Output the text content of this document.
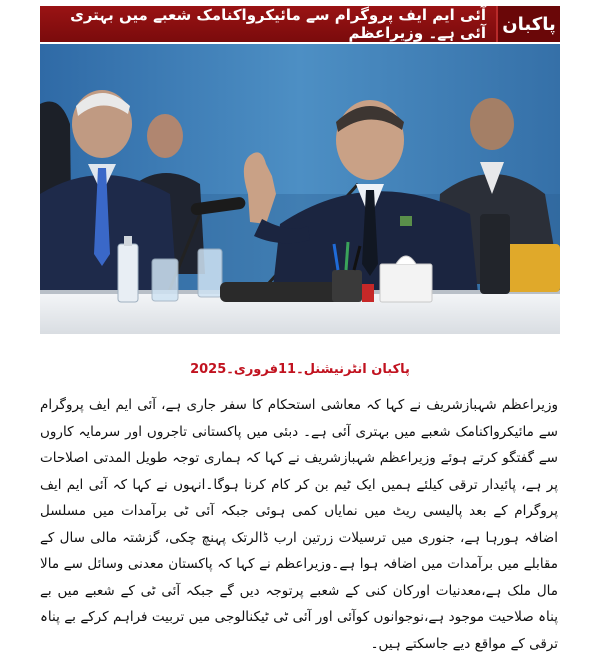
آئی ایم ایف پروگرام سے مائیکرواکنامک شعبے میں بہتری آئی ہے۔ وزیراعظم پاکبان
پاکبان انٹرنیشنل۔11فروری۔2025

وزیراعظم شہبازشریف نے کہا کہ معاشی استحکام کا سفر جاری ہے، آئی ایم ایف پروگرام سے مائیکرواکنامک شعبے میں بہتری آئی ہے۔ دبئی میں پاکستانی تاجروں اور سرمایہ کاروں سے گفتگو کرتے ہوئے وزیراعظم شہبازشریف نے کہا کہ ہماری توجہ طویل المدتی اصلاحات پر ہے، پائیدار ترقی کیلئے ہمیں ایک ٹیم بن کر کام کرنا ہوگا۔انہوں نے کہا کہ آئی ایم ایف پروگرام کے بعد پالیسی ریٹ میں نمایاں کمی ہوئی جبکہ آئی ٹی برآمدات میں مسلسل اضافہ ہورہا ہے، جنوری میں ترسیلات زرتین ارب ڈالرتک پہنچ چکی، گزشتہ مالی سال کے مقابلے میں برآمدات میں اضافہ ہوا ہے۔وزیراعظم نے کہا کہ پاکستان معدنی وسائل سے مالا مال ملک ہے،معدنیات اورکان کنی کے شعبے پرتوجہ دیں گے جبکہ آئی ٹی کے شعبے میں بے پناہ صلاحیت موجود ہے،نوجوانوں کوآئی اور آئی ٹی ٹیکنالوجی میں تربیت فراہم کرکے بے پناہ ترقی کے مواقع دیے جاسکتے ہیں۔
